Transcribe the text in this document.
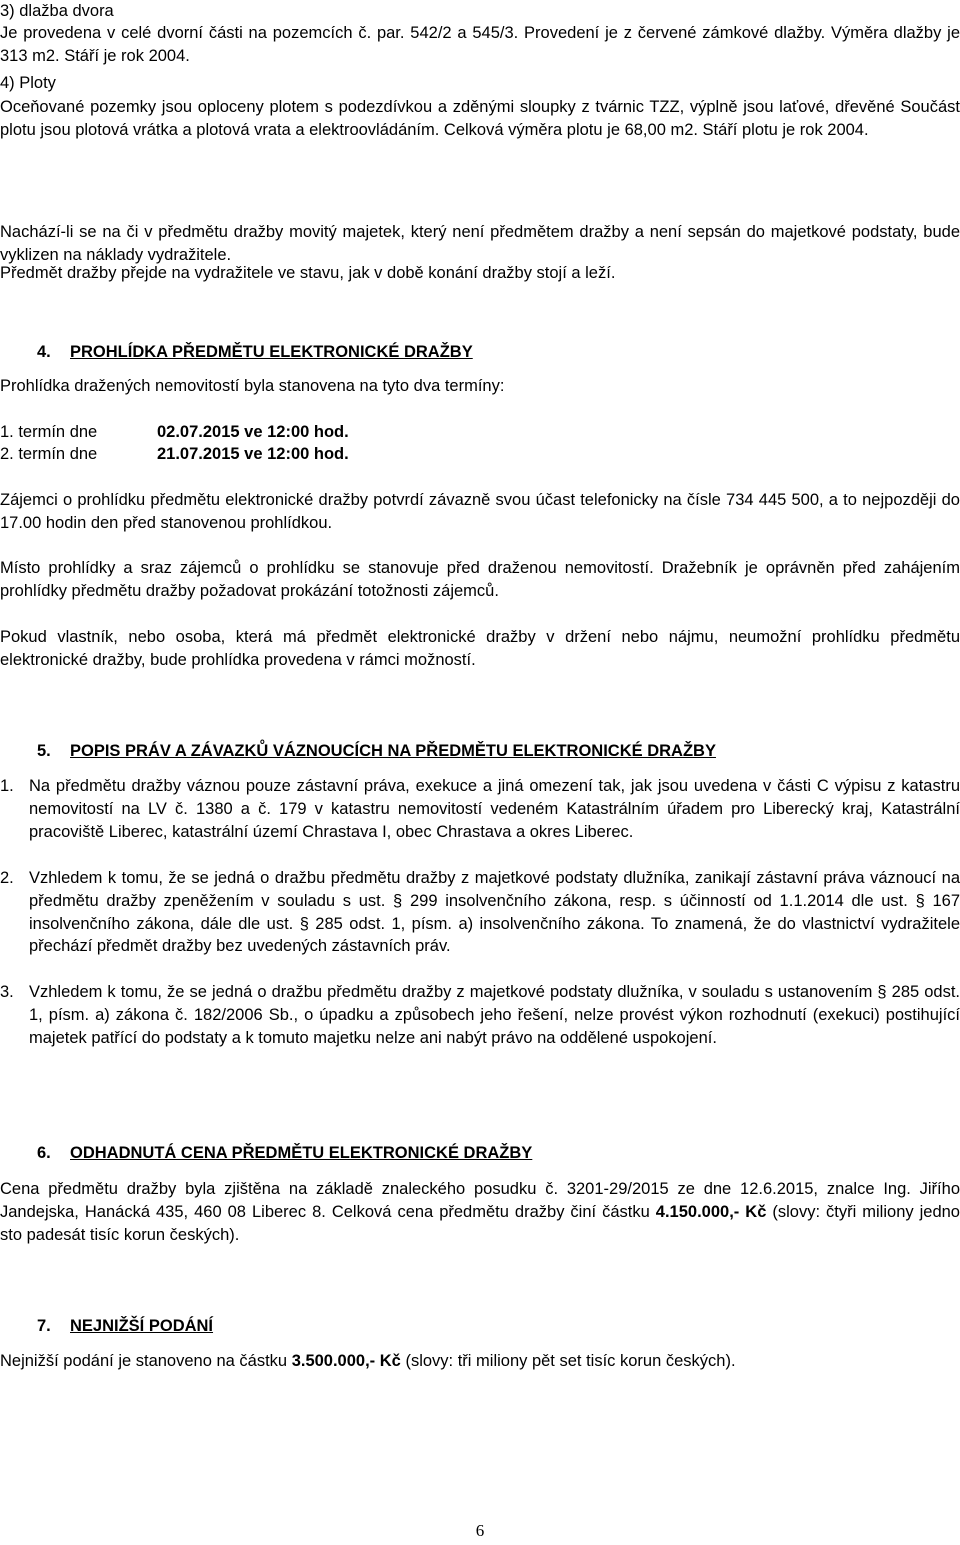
3) dlažba dvora
Je provedena v celé dvorní části na pozemcích č. par. 542/2 a 545/3. Provedení je z červené zámkové dlažby. Výměra dlažby je 313 m2. Stáří je rok 2004.
4) Ploty
Oceňované pozemky jsou oploceny plotem s podezdívkou a zděnými sloupky z tvárnic TZZ, výplně jsou laťové, dřevěné Součást plotu jsou plotová vrátka a plotová vrata a elektroovládáním. Celková výměra plotu je 68,00 m2. Stáří plotu je rok 2004.
Nachází-li se na či v předmětu dražby movitý majetek, který není předmětem dražby a není sepsán do majetkové podstaty, bude vyklizen na náklady vydražitele.
Předmět dražby přejde na vydražitele ve stavu, jak v době konání dražby stojí a leží.
4. PROHLÍDKA PŘEDMĚTU ELEKTRONICKÉ DRAŽBY
Prohlídka dražených nemovitostí byla stanovena na tyto dva termíny:
1. termín dne	02.07.2015 ve 12:00 hod.
2. termín dne	21.07.2015 ve 12:00 hod.
Zájemci o prohlídku předmětu elektronické dražby potvrdí závazně svou účast telefonicky na čísle 734 445 500, a to nejpozději do 17.00 hodin den před stanovenou prohlídkou.
Místo prohlídky a sraz zájemců o prohlídku se stanovuje před draženou nemovitostí. Dražebník je oprávněn před zahájením prohlídky předmětu dražby požadovat prokázání totožnosti zájemců.
Pokud vlastník, nebo osoba, která má předmět elektronické dražby v držení nebo nájmu, neumožní prohlídku předmětu elektronické dražby, bude prohlídka provedena v rámci možností.
5. POPIS PRÁV A ZÁVAZKŮ VÁZNOUCÍCH NA PŘEDMĚTU ELEKTRONICKÉ DRAŽBY
1. Na předmětu dražby váznou pouze zástavní práva, exekuce a jiná omezení tak, jak jsou uvedena v části C výpisu z katastru nemovitostí na LV č. 1380 a č. 179 v katastru nemovitostí vedeném Katastrálním úřadem pro Liberecký kraj, Katastrální pracoviště Liberec, katastrální území Chrastava I, obec Chrastava a okres Liberec.
2. Vzhledem k tomu, že se jedná o dražbu předmětu dražby z majetkové podstaty dlužníka, zanikají zástavní práva váznoucí na předmětu dražby zpeněžením v souladu s ust. § 299 insolvenčního zákona, resp. s účinností od 1.1.2014 dle ust. § 167 insolvenčního zákona, dále dle ust. § 285 odst. 1, písm. a) insolvenčního zákona. To znamená, že do vlastnictví vydražitele přechází předmět dražby bez uvedených zástavních práv.
3. Vzhledem k tomu, že se jedná o dražbu předmětu dražby z majetkové podstaty dlužníka, v souladu s ustanovením § 285 odst. 1, písm. a) zákona č. 182/2006 Sb., o úpadku a způsobech jeho řešení, nelze provést výkon rozhodnutí (exekuci) postihující majetek patřící do podstaty a k tomuto majetku nelze ani nabýt právo na oddělené uspokojení.
6. ODHADNUTÁ CENA PŘEDMĚTU ELEKTRONICKÉ DRAŽBY
Cena předmětu dražby byla zjištěna na základě znaleckého posudku č. 3201-29/2015 ze dne 12.6.2015, znalce Ing. Jiřího Jandejska, Hanácká 435, 460 08 Liberec 8. Celková cena předmětu dražby činí částku 4.150.000,- Kč (slovy: čtyři miliony jedno sto padesát tisíc korun českých).
7. NEJNIŽŠÍ PODÁNÍ
Nejnižší podání je stanoveno na částku 3.500.000,- Kč (slovy: tři miliony pět set tisíc korun českých).
6
